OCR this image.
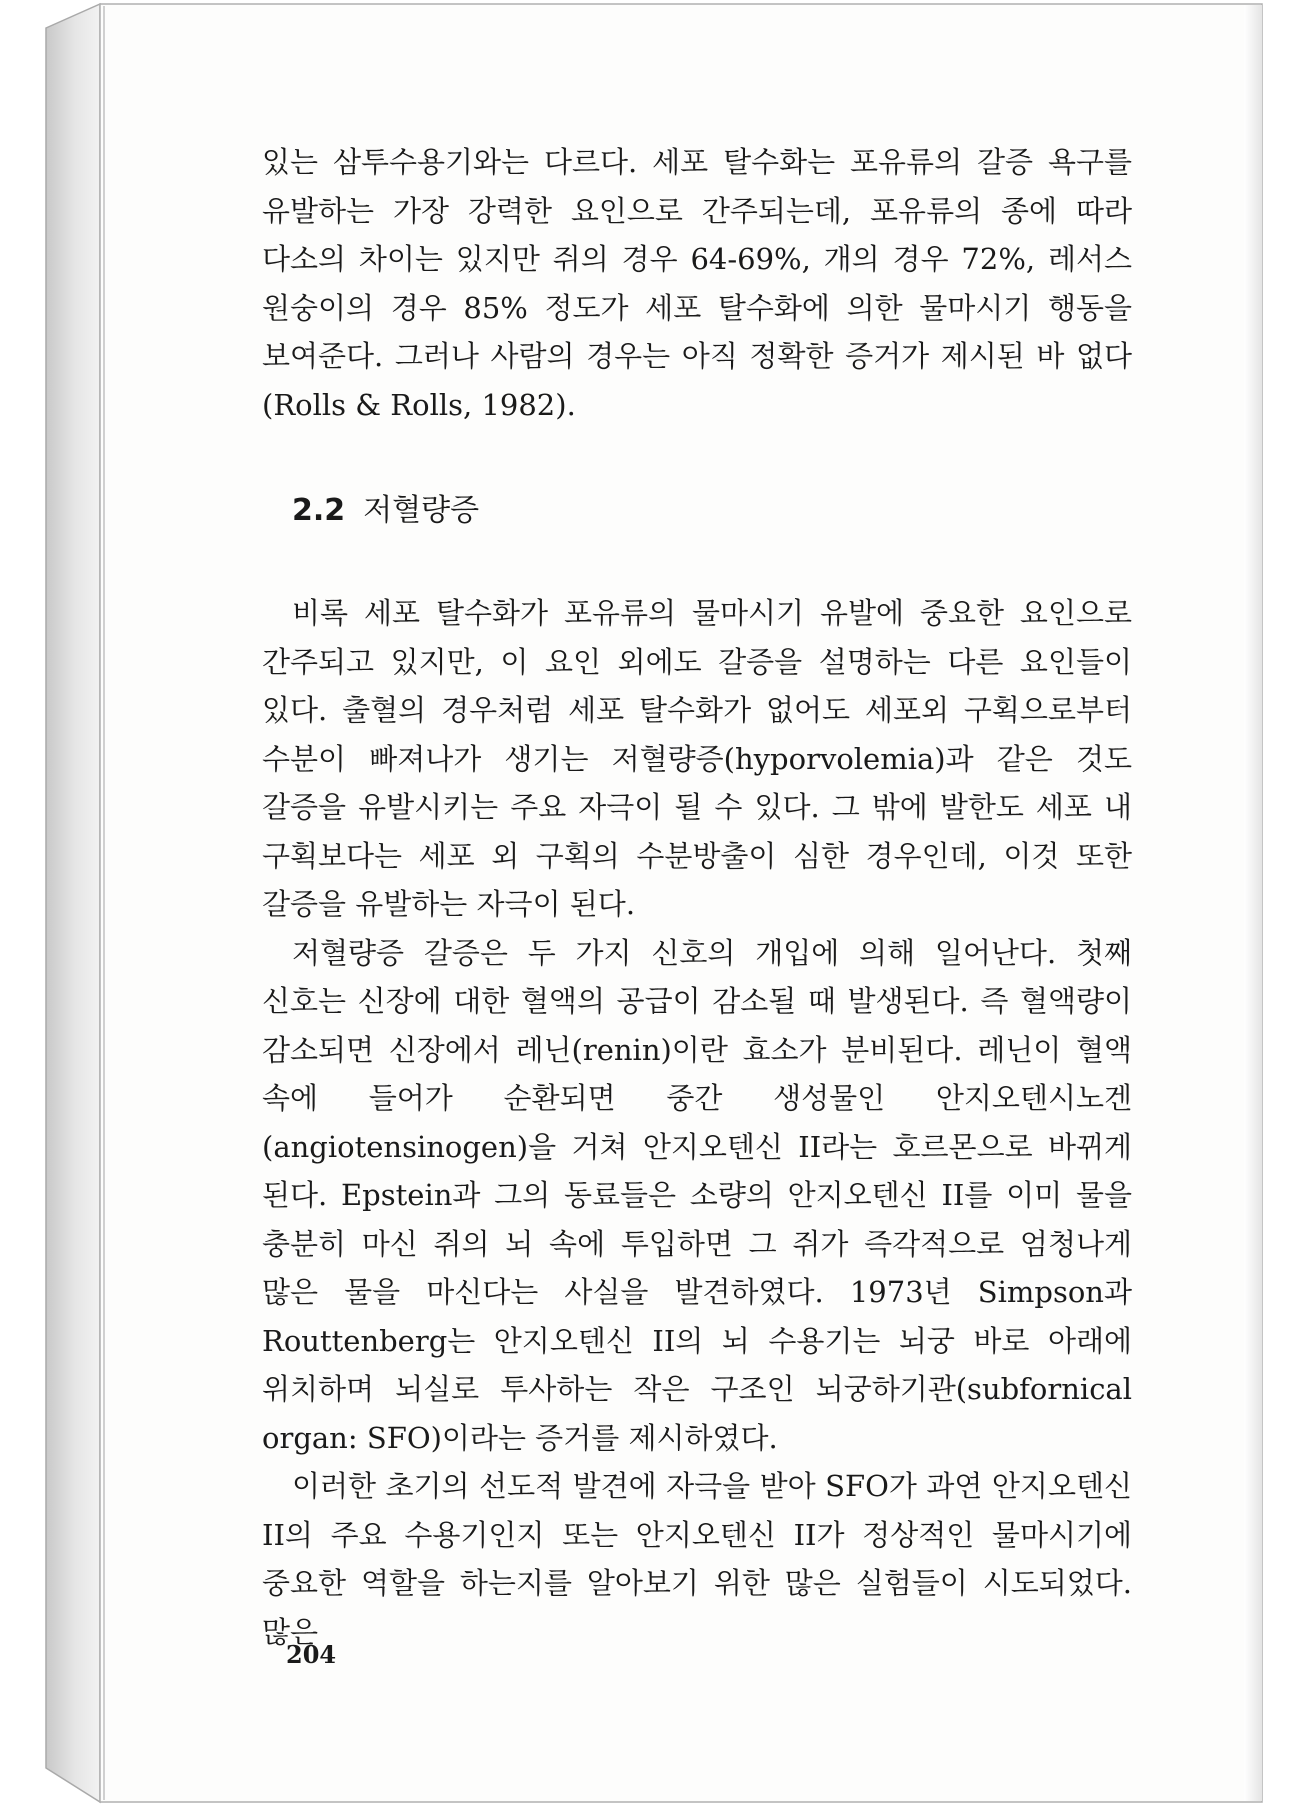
있는 삼투수용기와는 다르다. 세포 탈수화는 포유류의 갈증 욕구를 유발하는 가장 강력한 요인으로 간주되는데, 포유류의 종에 따라 다소의 차이는 있지만 쥐의 경우 64-69%, 개의 경우 72%, 레서스 원숭이의 경우 85% 정도가 세포 탈수화에 의한 물마시기 행동을 보여준다. 그러나 사람의 경우는 아직 정확한 증거가 제시된 바 없다(Rolls & Rolls, 1982).

2.2 저혈량증

비록 세포 탈수화가 포유류의 물마시기 유발에 중요한 요인으로 간주되고 있지만, 이 요인 외에도 갈증을 설명하는 다른 요인들이 있다. 출혈의 경우처럼 세포 탈수화가 없어도 세포외 구획으로부터 수분이 빠져나가 생기는 저혈량증(hyporvolemia)과 같은 것도 갈증을 유발시키는 주요 자극이 될 수 있다. 그 밖에 발한도 세포 내 구획보다는 세포 외 구획의 수분방출이 심한 경우인데, 이것 또한 갈증을 유발하는 자극이 된다.

저혈량증 갈증은 두 가지 신호의 개입에 의해 일어난다. 첫째 신호는 신장에 대한 혈액의 공급이 감소될 때 발생된다. 즉 혈액량이 감소되면 신장에서 레닌(renin)이란 효소가 분비된다. 레닌이 혈액 속에 들어가 순환되면 중간 생성물인 안지오텐시노겐(angiotensinogen)을 거쳐 안지오텐신 II라는 호르몬으로 바뀌게 된다. Epstein과 그의 동료들은 소량의 안지오텐신 II를 이미 물을 충분히 마신 쥐의 뇌 속에 투입하면 그 쥐가 즉각적으로 엄청나게 많은 물을 마신다는 사실을 발견하였다. 1973년 Simpson과 Routtenberg는 안지오텐신 II의 뇌 수용기는 뇌궁 바로 아래에 위치하며 뇌실로 투사하는 작은 구조인 뇌궁하기관(subfornical organ: SFO)이라는 증거를 제시하였다.

이러한 초기의 선도적 발견에 자극을 받아 SFO가 과연 안지오텐신 II의 주요 수용기인지 또는 안지오텐신 II가 정상적인 물마시기에 중요한 역할을 하는지를 알아보기 위한 많은 실험들이 시도되었다. 많은

204
